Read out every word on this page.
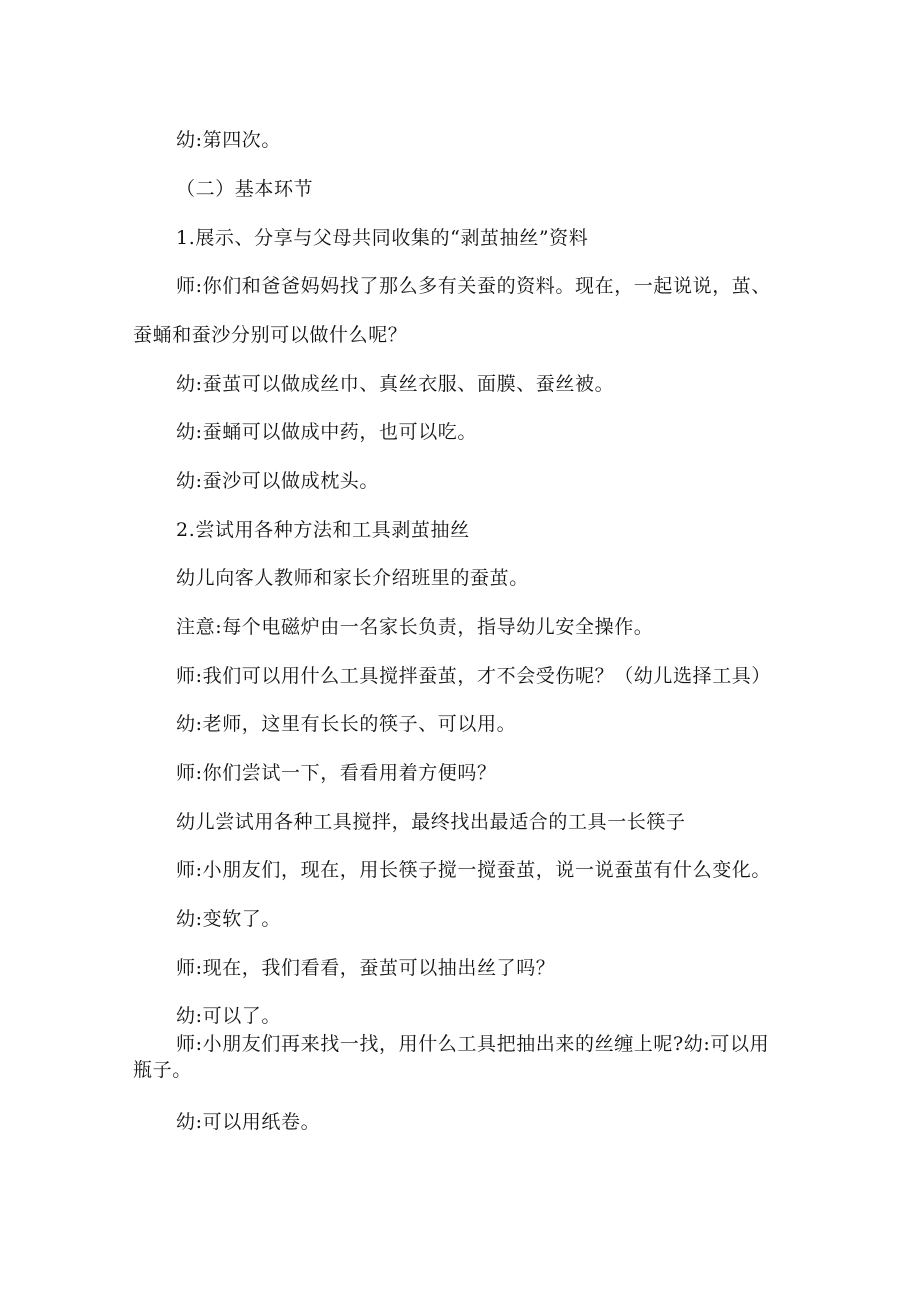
幼:第四次。
（二）基本环节
1.展示、分享与父母共同收集的“剥茧抽丝”资料
师:你们和爸爸妈妈找了那么多有关蚕的资料。现在，一起说说，茧、
蚕蛹和蚕沙分别可以做什么呢？
幼:蚕茧可以做成丝巾、真丝衣服、面膜、蚕丝被。
幼:蚕蛹可以做成中药，也可以吃。
幼:蚕沙可以做成枕头。
2.尝试用各种方法和工具剥茧抽丝
幼儿向客人教师和家长介绍班里的蚕茧。
注意:每个电磁炉由一名家长负责，指导幼儿安全操作。
师:我们可以用什么工具搅拌蚕茧，才不会受伤呢？（幼儿选择工具）
幼:老师，这里有长长的筷子、可以用。
师:你们尝试一下，看看用着方便吗？
幼儿尝试用各种工具搅拌，最终找出最适合的工具一长筷子
师:小朋友们，现在，用长筷子搅一搅蚕茧，说一说蚕茧有什么变化。
幼:变软了。
师:现在，我们看看，蚕茧可以抽出丝了吗？
幼:可以了。
师:小朋友们再来找一找，用什么工具把抽出来的丝缠上呢?幼:可以用
瓶子。
幼:可以用纸卷。
